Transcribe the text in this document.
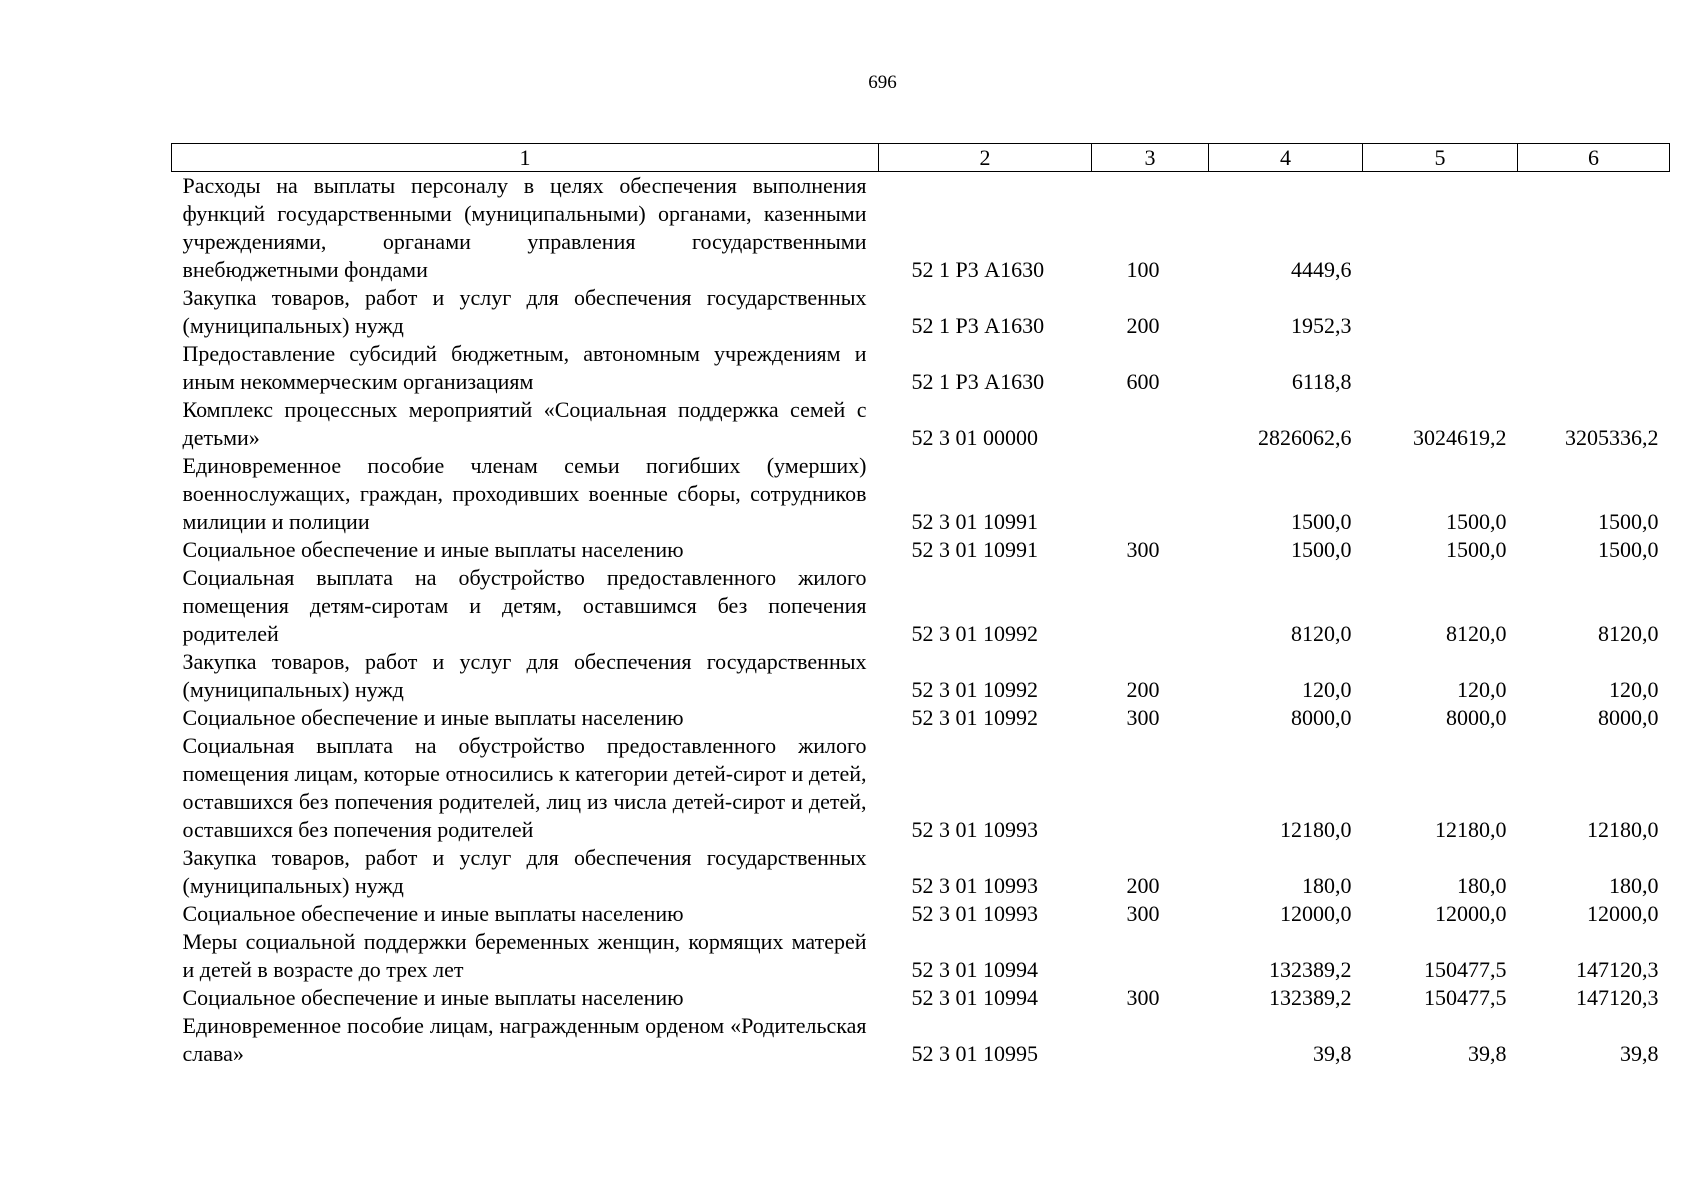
696
1	2	3	4	5	6
Расходы на выплаты персоналу в целях обеспечения выполнения функций государственными (муниципальными) органами, казенными учреждениями, органами управления государственными внебюджетными фондами	52 1 Р3 А1630	100	4449,6		
Закупка товаров, работ и услуг для обеспечения государственных (муниципальных) нужд	52 1 Р3 А1630	200	1952,3		
Предоставление субсидий бюджетным, автономным учреждениям и иным некоммерческим организациям	52 1 Р3 А1630	600	6118,8		
Комплекс процессных мероприятий «Социальная поддержка семей с детьми»	52 3 01 00000		2826062,6	3024619,2	3205336,2
Единовременное пособие членам семьи погибших (умерших) военнослужащих, граждан, проходивших военные сборы, сотрудников милиции и полиции	52 3 01 10991		1500,0	1500,0	1500,0
Социальное обеспечение и иные выплаты населению	52 3 01 10991	300	1500,0	1500,0	1500,0
Социальная выплата на обустройство предоставленного жилого помещения детям-сиротам и детям, оставшимся без попечения родителей	52 3 01 10992		8120,0	8120,0	8120,0
Закупка товаров, работ и услуг для обеспечения государственных (муниципальных) нужд	52 3 01 10992	200	120,0	120,0	120,0
Социальное обеспечение и иные выплаты населению	52 3 01 10992	300	8000,0	8000,0	8000,0
Социальная выплата на обустройство предоставленного жилого помещения лицам, которые относились к категории детей-сирот и детей, оставшихся без попечения родителей, лиц из числа детей-сирот и детей, оставшихся без попечения родителей	52 3 01 10993		12180,0	12180,0	12180,0
Закупка товаров, работ и услуг для обеспечения государственных (муниципальных) нужд	52 3 01 10993	200	180,0	180,0	180,0
Социальное обеспечение и иные выплаты населению	52 3 01 10993	300	12000,0	12000,0	12000,0
Меры социальной поддержки беременных женщин, кормящих матерей и детей в возрасте до трех лет	52 3 01 10994		132389,2	150477,5	147120,3
Социальное обеспечение и иные выплаты населению	52 3 01 10994	300	132389,2	150477,5	147120,3
Единовременное пособие лицам, награжденным орденом «Родительская слава»	52 3 01 10995		39,8	39,8	39,8
